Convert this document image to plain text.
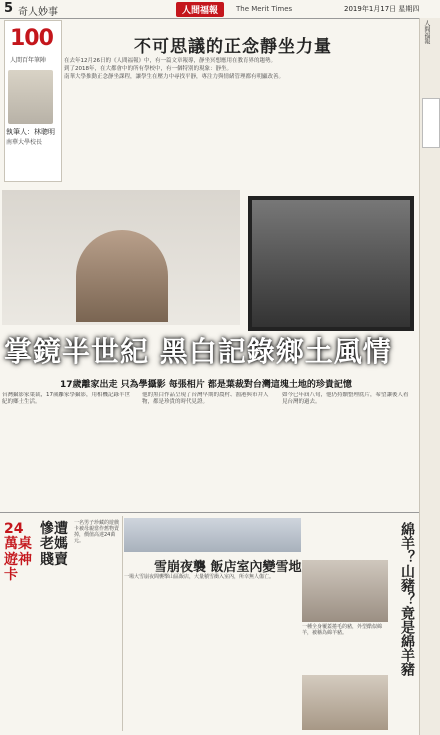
5 奇人妙事	人間福報	The Merit Times	2019年1月17日 星期四
人間福報
100
人間百年筆陣
執筆人：林聰明
南華大學校長
不可思議的正念靜坐力量

在去年12月26日的《人間福報》中，有一篇文章報導，靜坐冥想應用在教育界的趨勢。

到了2018年，在大都會中的所有學校中，有一個特別的現象：靜坐。

南華大學推動正念靜坐課程，讓學生在壓力中尋找平靜，專注力與情緒管理都有明顯改善。

掌鏡半世紀 黑白記錄鄉土風情
17歲離家出走 只為學攝影 每張相片 都是葉裁對台灣這塊土地的珍貴記憶
台灣攝影家葉裁，17歲離家學攝影，用相機記錄半世紀的鄉土生活。
他的黑白作品呈現了台灣早期的農村、漁港與市井人物，都是珍貴的時代見證。
如今已年屆八旬，他仍持續整理底片，希望讓後人看見台灣的過去。
24萬桌遊神卡
慘遭老媽賤賣
一名男子珍藏的遊戲卡被母親當作舊物賣掉，價值高達24萬元。
雪崩夜襲 飯店室內變雪地
一場大雪崩夜間襲擊山區飯店，大量積雪衝入室內，所幸無人傷亡。	綿羊？山豬？竟是綿羊豬
一種全身覆蓋捲毛的豬，外型酷似綿羊，被稱為綿羊豬。
